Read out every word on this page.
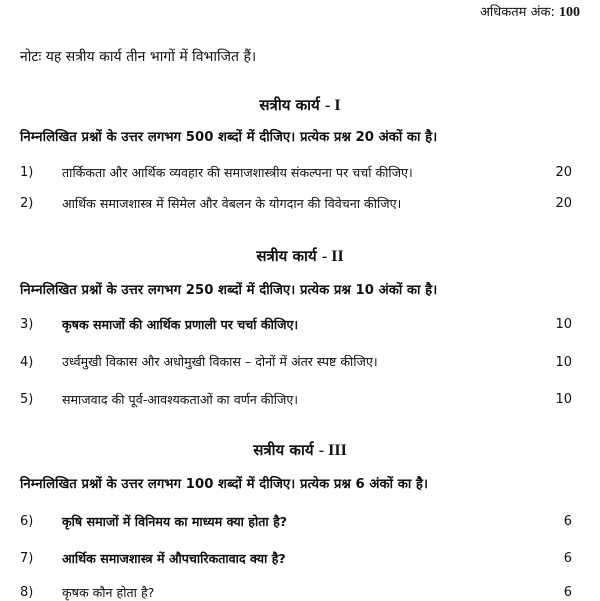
अधिकतम अंक: 100
नोटः यह सत्रीय कार्य तीन भागों में विभाजित हैं।
सत्रीय कार्य - I
निम्नलिखित प्रश्नों के उत्तर लगभग 500 शब्दों में दीजिए। प्रत्येक प्रश्न 20 अंकों का है।
1) तार्किकता और आर्थिक व्यवहार की समाजशास्त्रीय संकल्पना पर चर्चा कीजिए।	20
2) आर्थिक समाजशास्त्र में सिमेल और वेबलन के योगदान की विवेचना कीजिए।	20
सत्रीय कार्य - II
निम्नलिखित प्रश्नों के उत्तर लगभग 250 शब्दों में दीजिए। प्रत्येक प्रश्न 10 अंकों का है।
3) कृषक समाजों की आर्थिक प्रणाली पर चर्चा कीजिए।	10
4) उर्ध्वमुखी विकास और अधोमुखी विकास – दोनों में अंतर स्पष्ट कीजिए।	10
5) समाजवाद की पूर्व-आवश्यकताओं का वर्णन कीजिए।	10
सत्रीय कार्य - III
निम्नलिखित प्रश्नों के उत्तर लगभग 100 शब्दों में दीजिए। प्रत्येक प्रश्न 6 अंकों का है।
6) कृषि समाजों में विनिमय का माध्यम क्या होता है?	6
7) आर्थिक समाजशास्त्र में औपचारिकतावाद क्या है?	6
8) कृषक कौन होता है?	6
